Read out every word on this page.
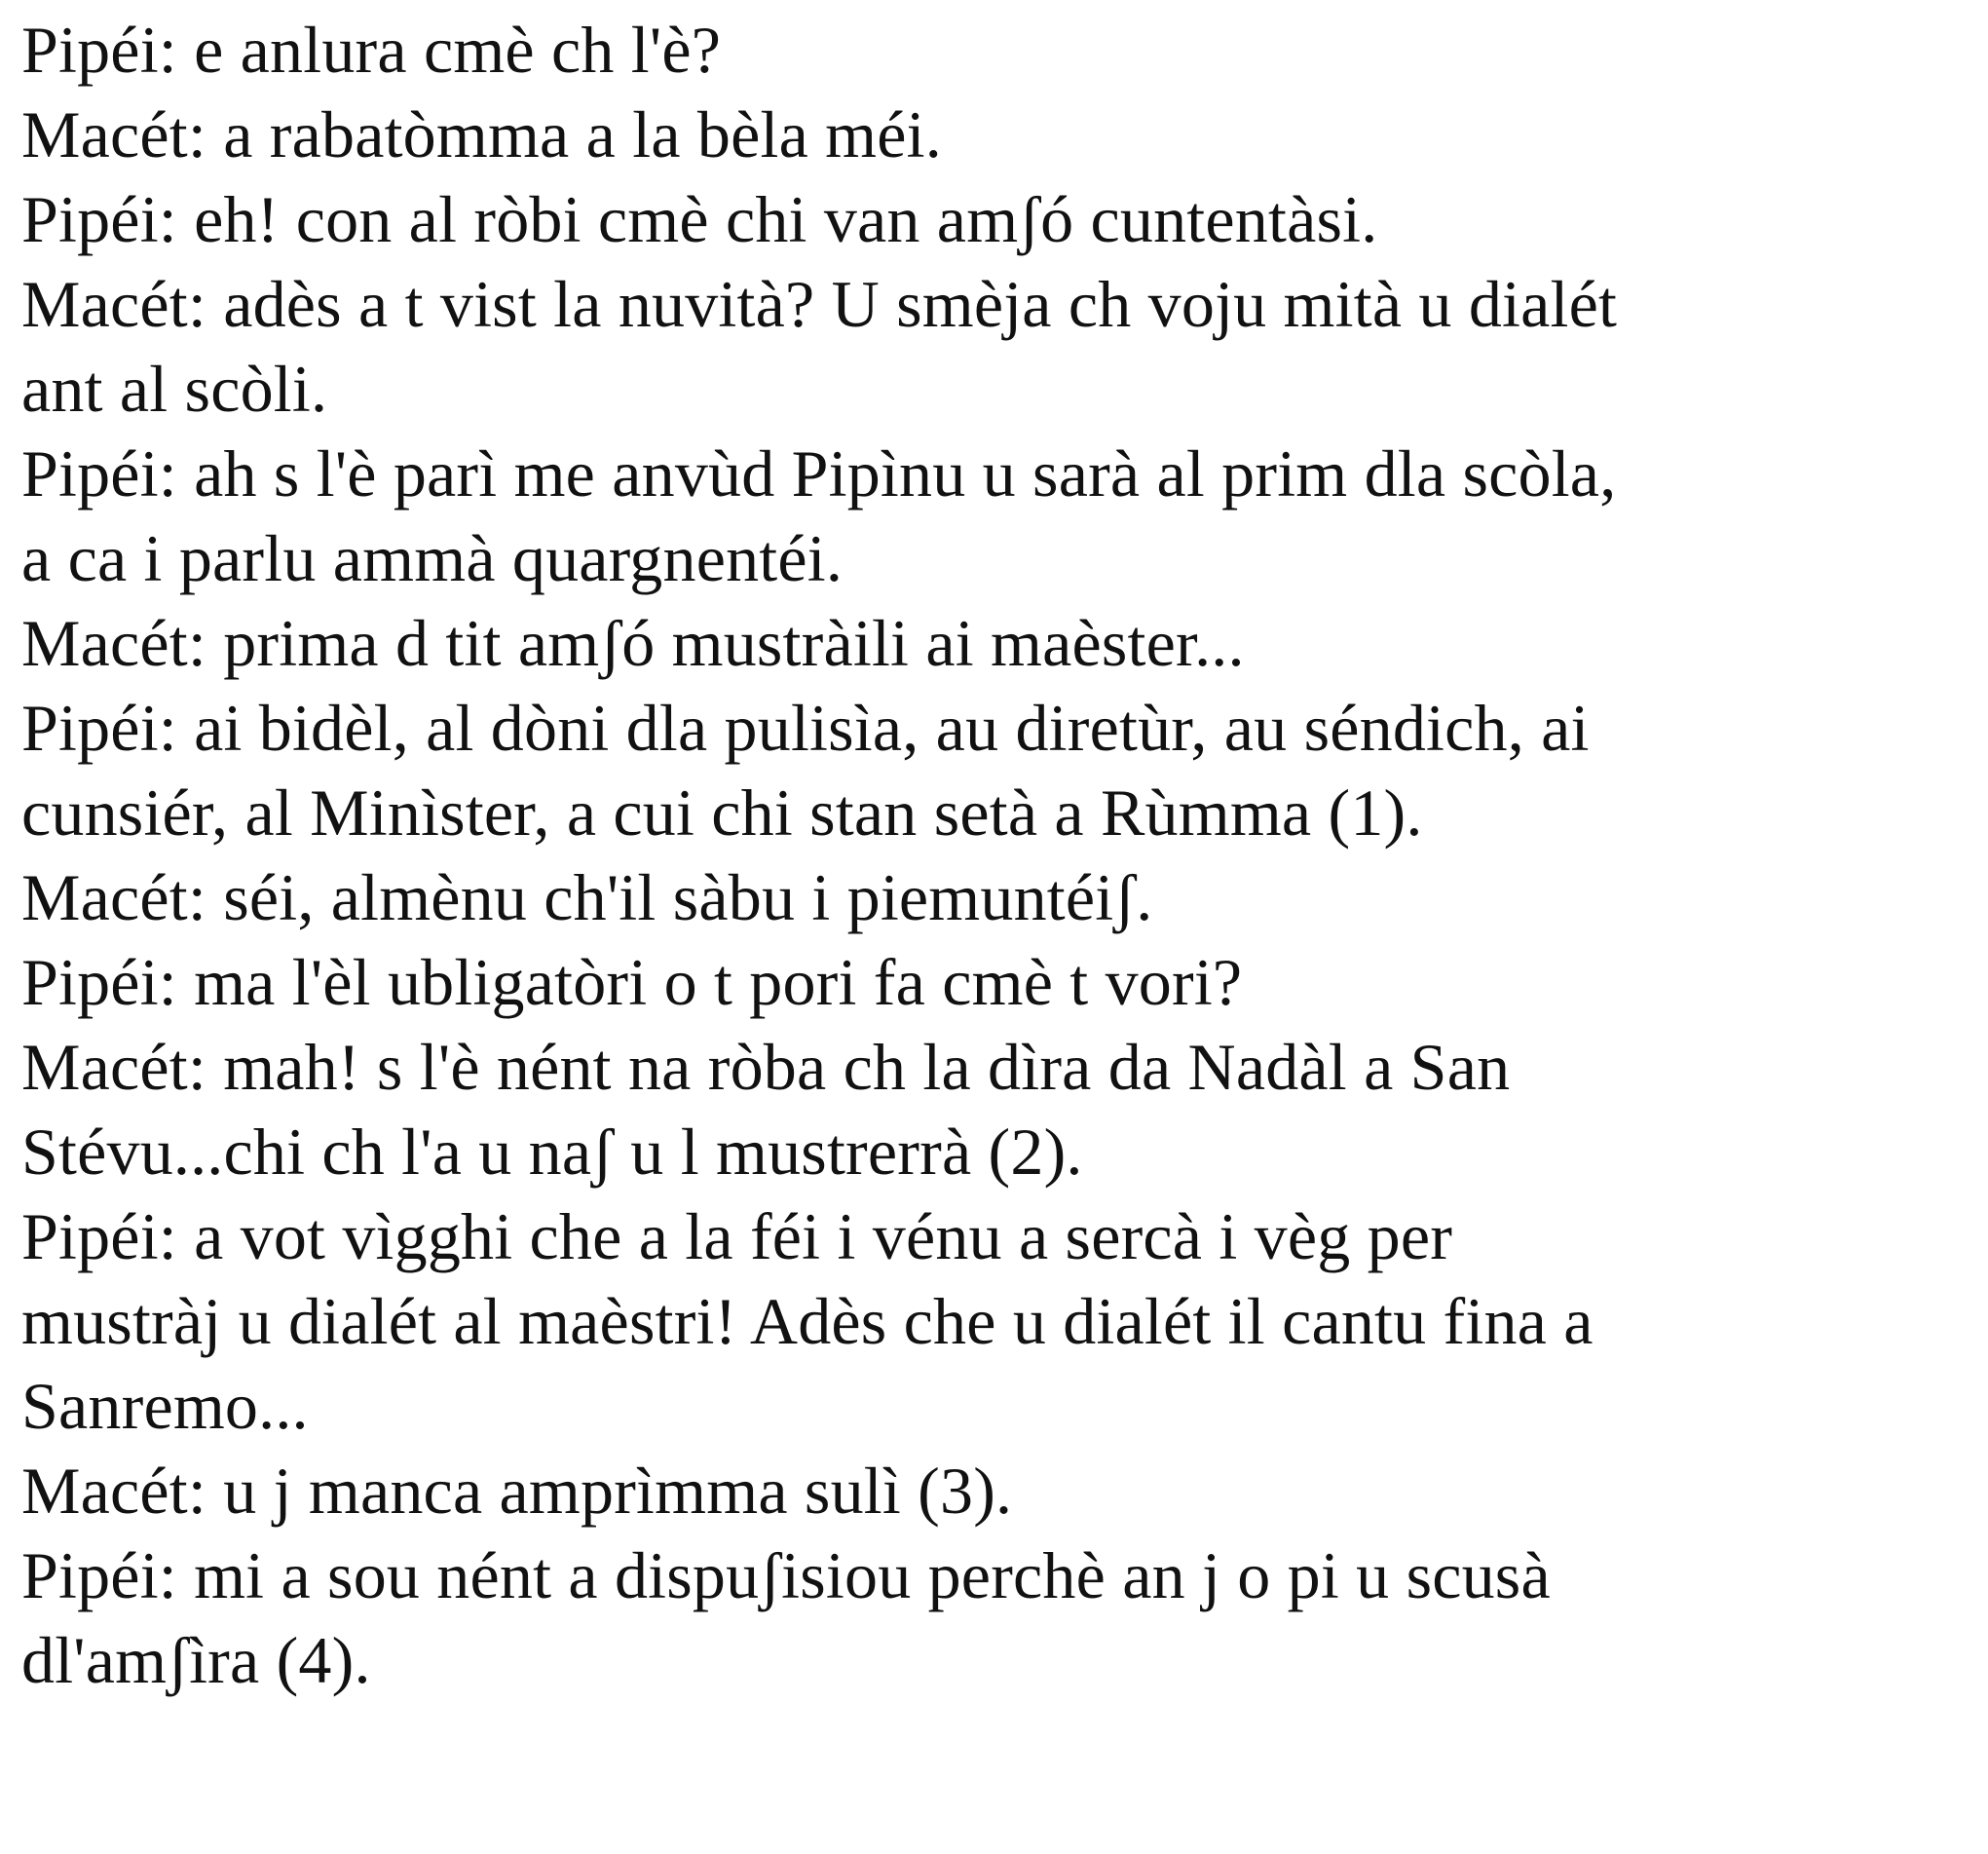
Pipéi: e anlura cmè ch l'è?
Macét: a rabatòmma a la bèla méi.
Pipéi: eh! con al ròbi cmè chi van amʃó cuntentàsi.
Macét: adès a t vist la nuvità? U smèja ch voju mità u dialét
ant al scòli.
Pipéi: ah s l'è parì me anvùd Pipìnu u sarà al prim dla scòla,
a ca i parlu ammà quargnentéi.
Macét: prima d tit amʃó mustràili ai maèster...
Pipéi: ai bidèl, al dòni dla pulisìa, au diretùr, au séndich, ai
cunsiér, al Minìster, a cui chi stan setà a Rùmma (1).
Macét: séi, almènu ch'il sàbu i piemuntéiʃ.
Pipéi: ma l'èl ubligatòri o t pori fa cmè t vori?
Macét: mah! s l'è nént na ròba ch la dìra da Nadàl a San
Stévu...chi ch l'a u naʃ u l mustrerrà (2).
Pipéi: a vot vìgghi che a la féi i vénu a sercà i vèg per
mustràj u dialét al maèstri! Adès che u dialét il cantu fina a
Sanremo...
Macét: u j manca amprìmma sulì (3).
Pipéi: mi a sou nént a dispuʃisiou perchè an j o pi u scusà
dl'amʃìra (4).
